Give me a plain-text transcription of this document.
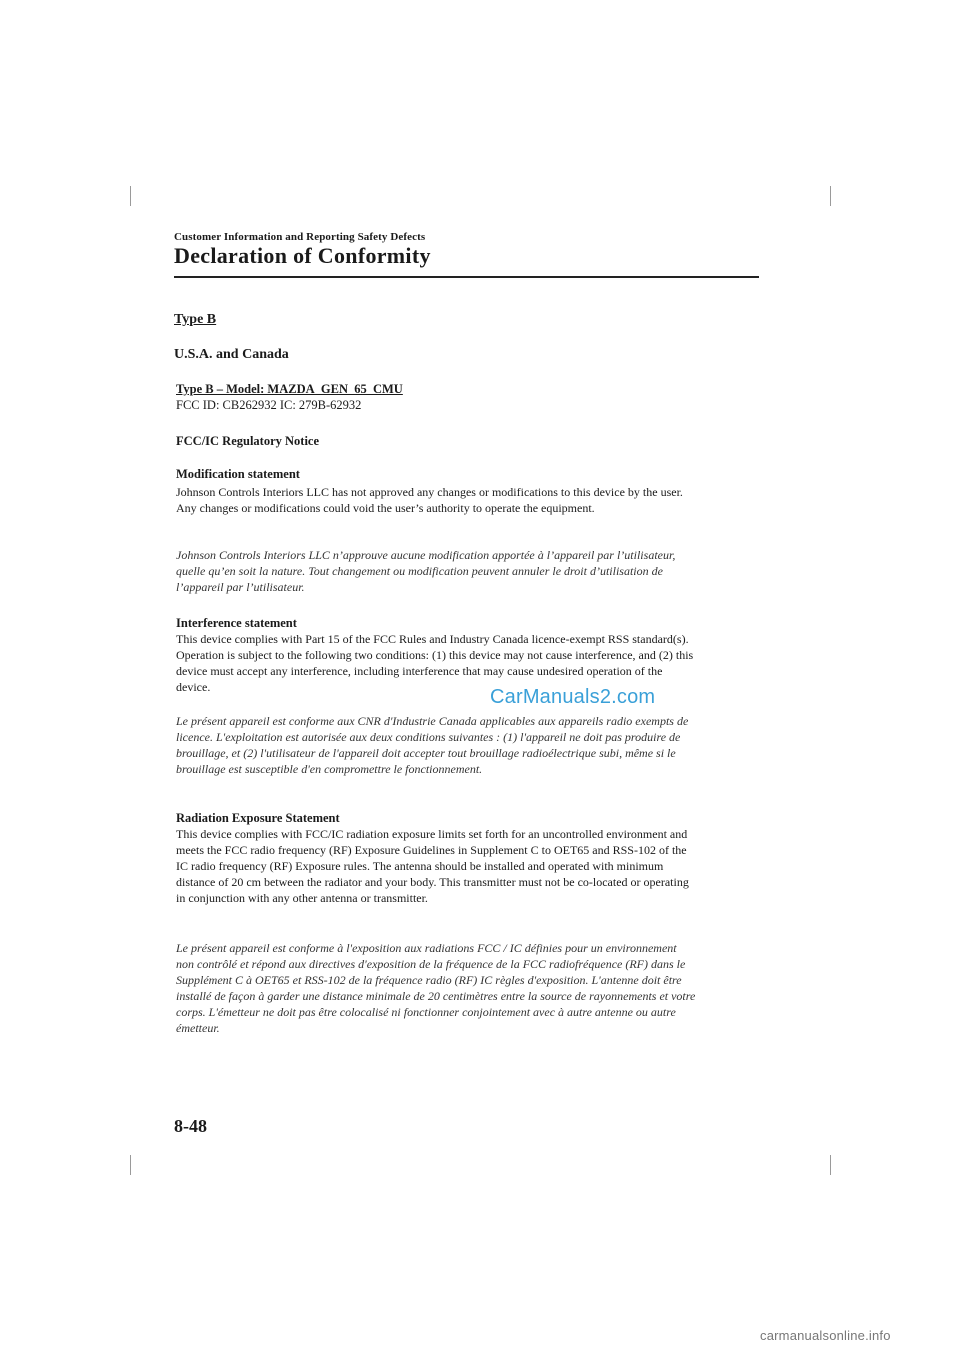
Customer Information and Reporting Safety Defects
Declaration of Conformity
Type B
U.S.A. and Canada
Type B – Model: MAZDA_GEN_65_CMU
FCC ID: CB262932 IC: 279B-62932
FCC/IC Regulatory Notice
Modification statement
Johnson Controls Interiors LLC has not approved any changes or modifications to this device by the user. Any changes or modifications could void the user’s authority to operate the equipment.
Johnson Controls Interiors LLC n’approuve aucune modification apportée à l’appareil par l’utilisateur, quelle qu’en soit la nature. Tout changement ou modification peuvent annuler le droit d’utilisation de l’appareil par l’utilisateur.
Interference statement
This device complies with Part 15 of the FCC Rules and Industry Canada licence-exempt RSS standard(s). Operation is subject to the following two conditions: (1) this device may not cause interference, and (2) this device must accept any interference, including interference that may cause undesired operation of the device.
Le présent appareil est conforme aux CNR d'Industrie Canada applicables aux appareils radio exempts de licence. L'exploitation est autorisée aux deux conditions suivantes : (1) l'appareil ne doit pas produire de brouillage, et (2) l'utilisateur de l'appareil doit accepter tout brouillage radioélectrique subi, même si le brouillage est susceptible d'en compromettre le fonctionnement.
Radiation Exposure Statement
This device complies with FCC/IC radiation exposure limits set forth for an uncontrolled environment and meets the FCC radio frequency (RF) Exposure Guidelines in Supplement C to OET65 and RSS-102 of the IC radio frequency (RF) Exposure rules. The antenna should be installed and operated with minimum distance of 20 cm between the radiator and your body. This transmitter must not be co-located or operating in conjunction with any other antenna or transmitter.
Le présent appareil est conforme à l'exposition aux radiations FCC / IC définies pour un environnement non contrôlé et répond aux directives d'exposition de la fréquence de la FCC radiofréquence (RF) dans le Supplément C à OET65 et RSS-102 de la fréquence radio (RF) IC règles d'exposition. L'antenne doit être installé de façon à garder une distance minimale de 20 centimètres entre la source de rayonnements et votre corps. L'émetteur ne doit pas être colocalisé ni fonctionner conjointement avec à autre antenne ou autre émetteur.
CarManuals2.com
8-48
carmanualsonline.info
